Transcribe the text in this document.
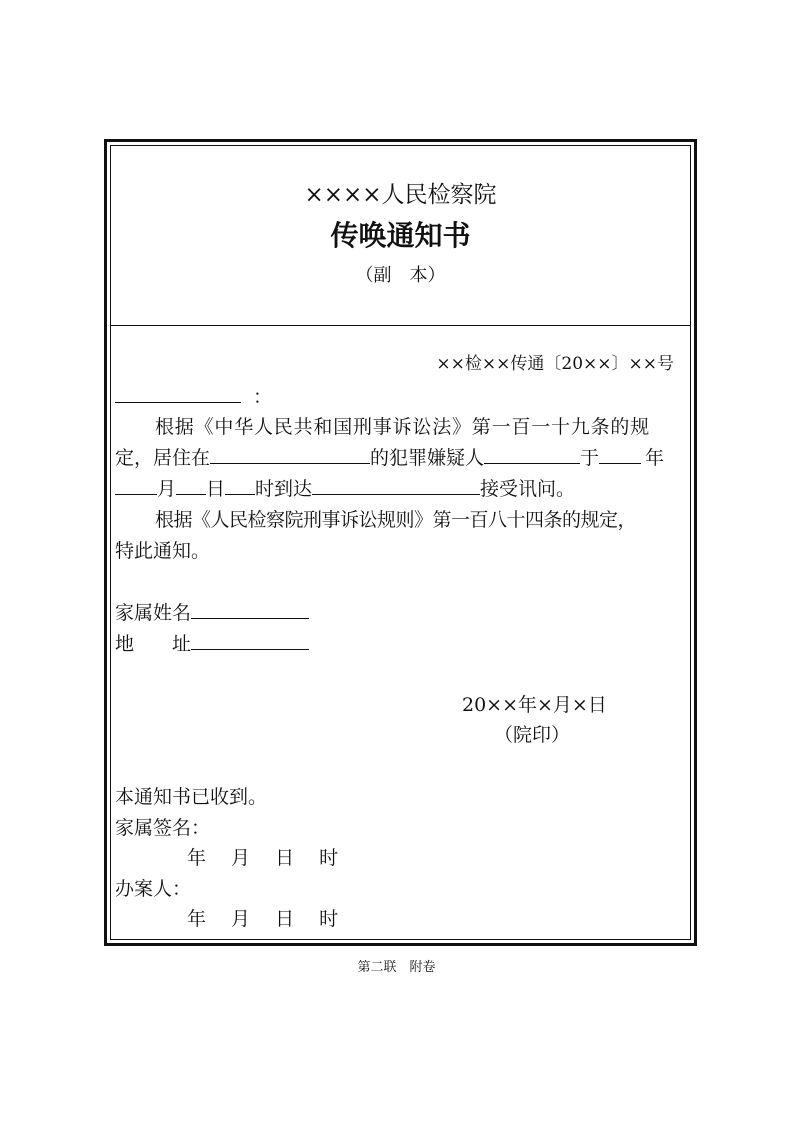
××××人民检察院
传唤通知书
（副　本）
××检××传通〔20××〕××号
：
根据《中华人民共和国刑事诉讼法》第一百一十九条的规
定，居住在	的犯罪嫌疑人	于 年
月 日 时到达	接受讯问。
根据《人民检察院刑事诉讼规则》第一百八十四条的规定，
特此通知。
家属姓名
地　　址
20××年×月×日
（院印）
本通知书已收到。
家属签名：
年　 月　 日　 时
办案人：
年　 月　 日　 时
第二联　附卷
